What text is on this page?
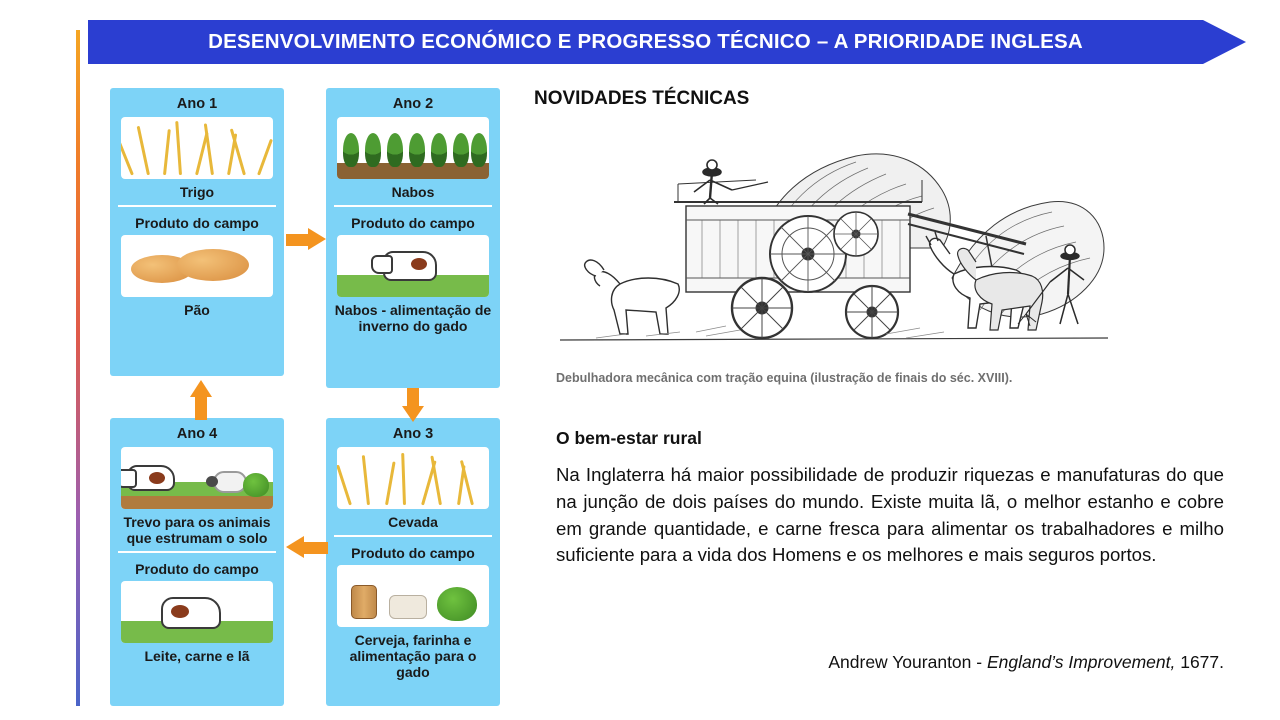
DESENVOLVIMENTO ECONÓMICO E PROGRESSO TÉCNICO – A PRIORIDADE INGLESA
Ano 1
Trigo
Produto do campo
Pão
Ano 2
Nabos
Produto do campo
Nabos - alimentação de inverno do gado
Ano 4
Trevo para os animais que estrumam o solo
Produto do campo
Leite, carne e lã
Ano 3
Cevada
Produto do campo
Cerveja, farinha e alimentação para o gado
NOVIDADES TÉCNICAS
Debulhadora mecânica com tração equina (ilustração de finais do séc. XVIII).
O bem-estar rural
Na Inglaterra há maior possibilidade de produzir riquezas e manufaturas do que na junção de dois países do mundo. Existe muita lã, o melhor estanho e cobre em grande quantidade, e carne fresca para alimentar os trabalhadores e milho suficiente para a vida dos Homens e os melhores e mais seguros portos.
Andrew Youranton - England’s Improvement, 1677.
